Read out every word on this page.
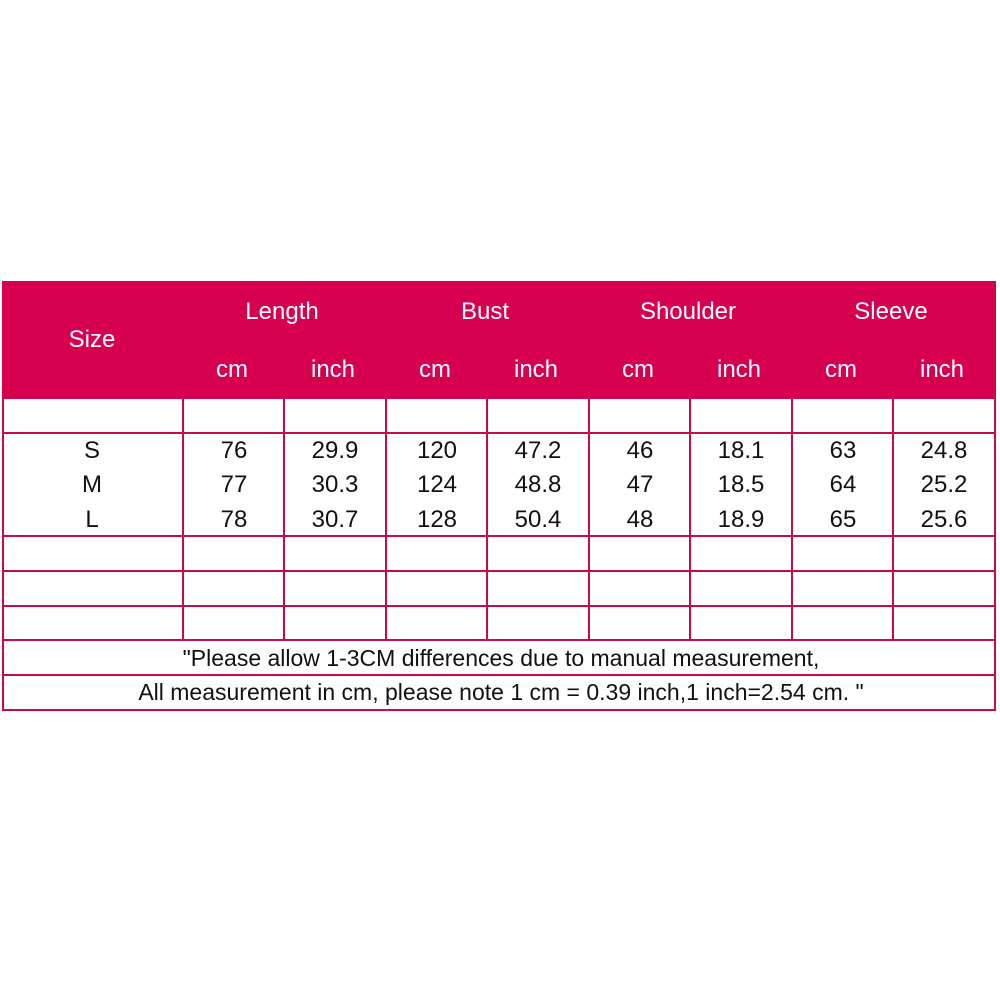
Size
Length	Bust	Shoulder	Sleeve
cm	inch	cm	inch	cm	inch	cm	inch
S	76	29.9	120	47.2	46	18.1	63	24.8
M	77	30.3	124	48.8	47	18.5	64	25.2
L	78	30.7	128	50.4	48	18.9	65	25.6
"Please allow 1-3CM differences due to manual measurement,
All measurement in cm, please note 1 cm = 0.39 inch,1 inch=2.54 cm. "
